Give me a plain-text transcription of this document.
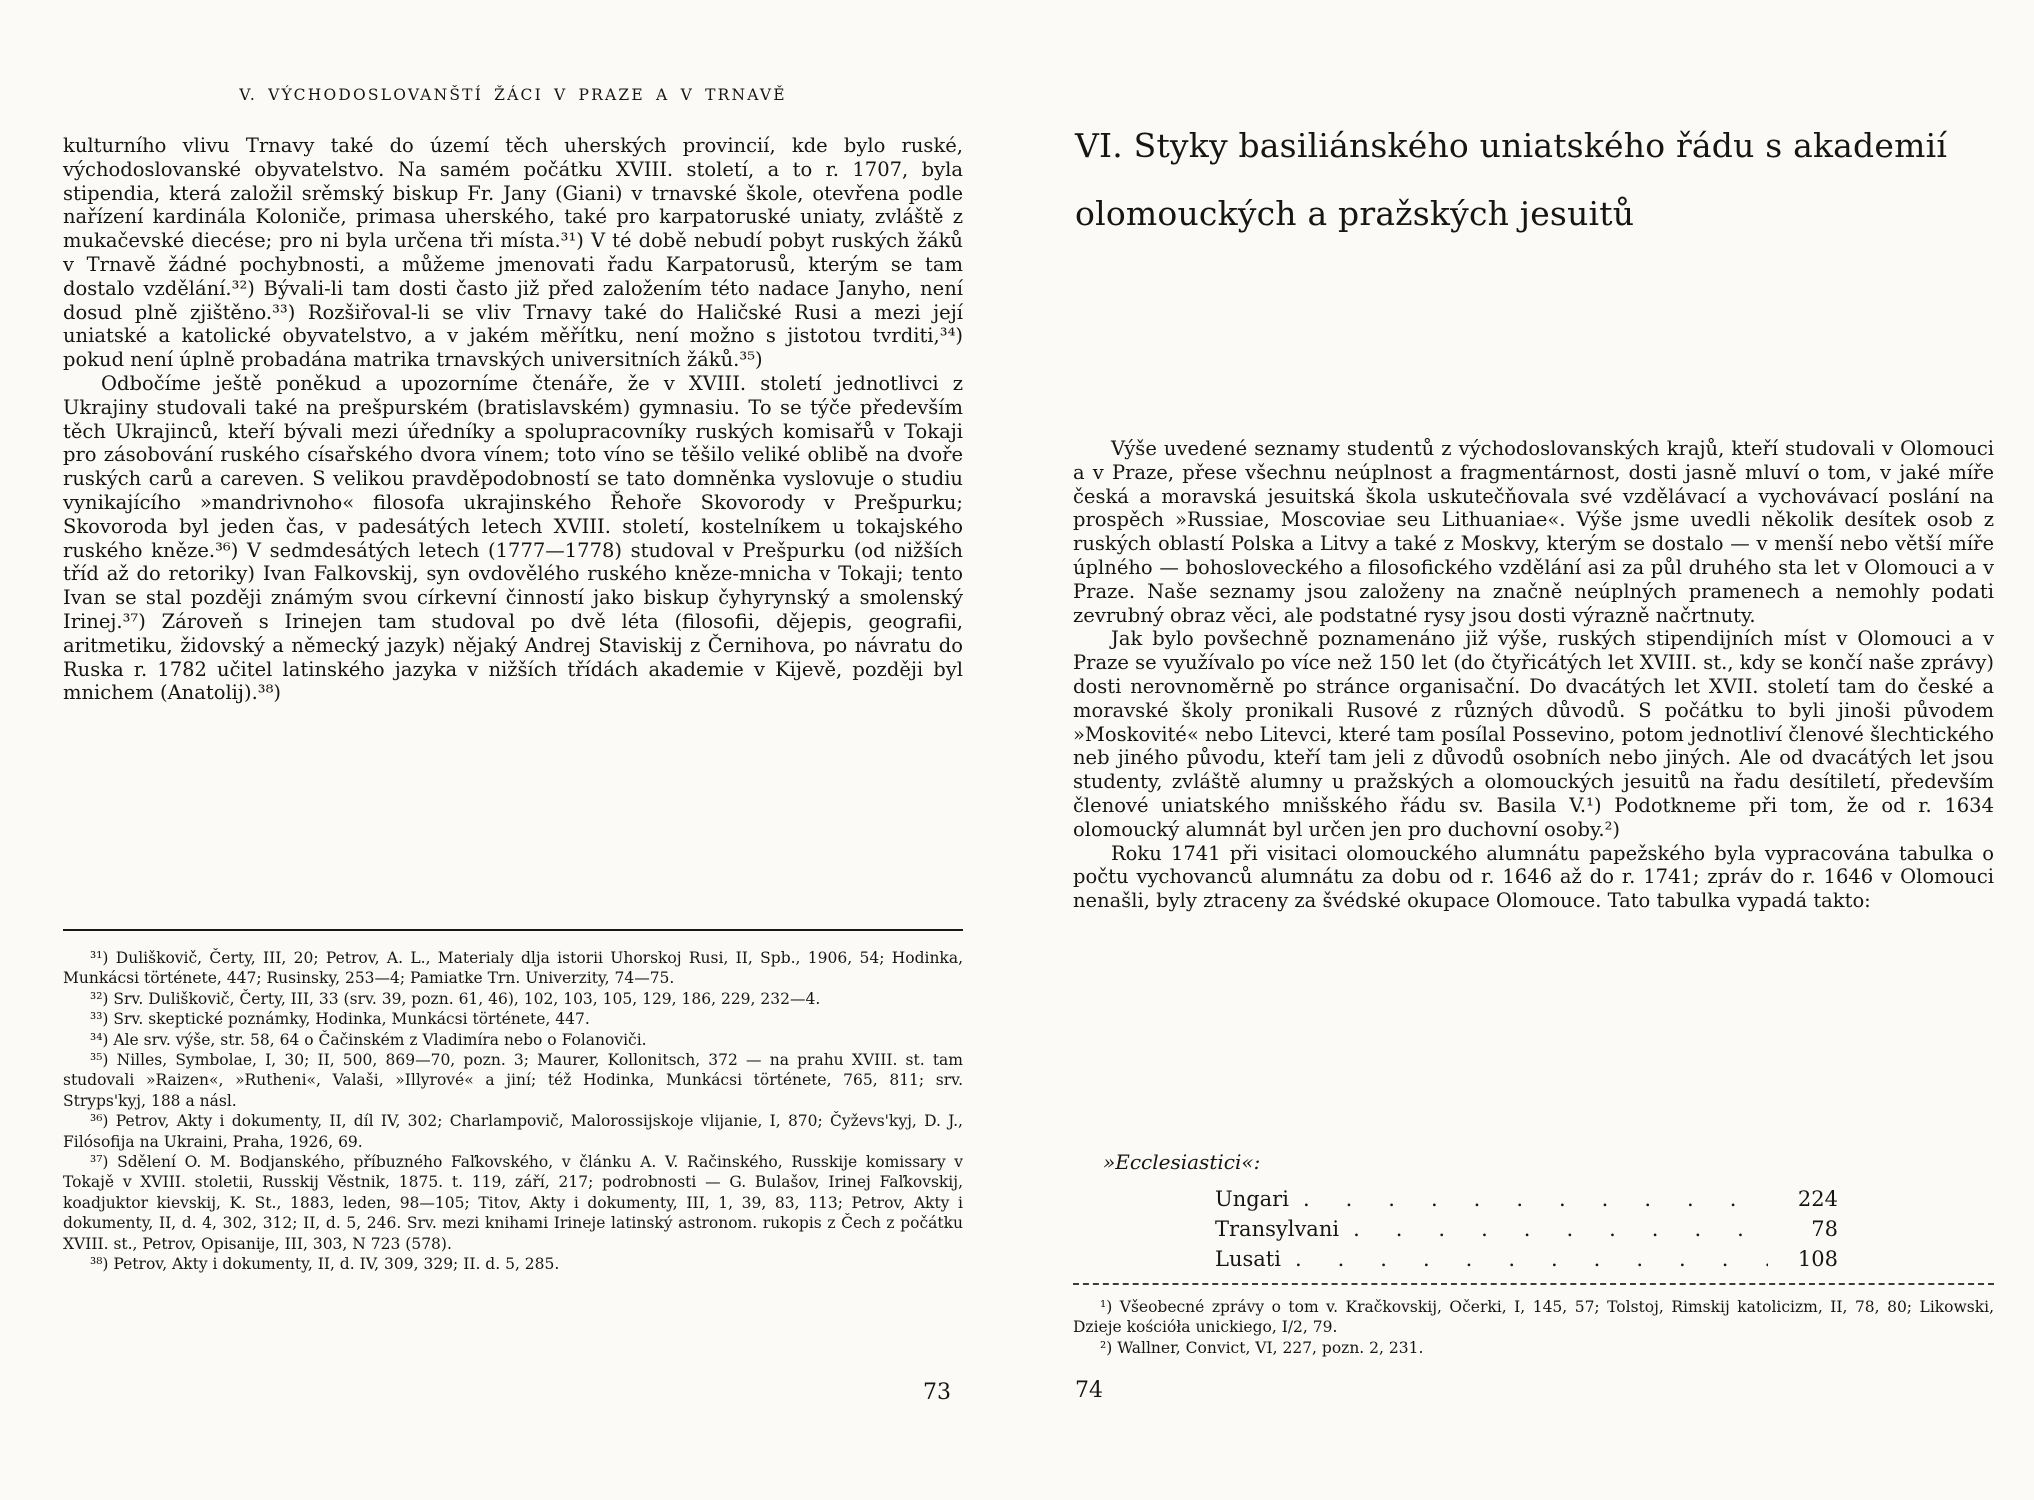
V. VÝCHODOSLOVANŠTÍ ŽÁCI V PRAZE A V TRNAVĚ

kulturního vlivu Trnavy také do území těch uherských provincií, kde bylo ruské, východoslovanské obyvatelstvo. Na samém počátku XVIII. století, a to r. 1707, byla stipendia, která založil srěmský biskup Fr. Jany (Giani) v trnavské škole, otevřena podle nařízení kardinála Koloniče, primasa uherského, také pro karpatoruské uniaty, zvláště z mukačevské diecése; pro ni byla určena tři místa.³¹) V té době nebudí pobyt ruských žáků v Trnavě žádné pochybnosti, a můžeme jmenovati řadu Karpatorusů, kterým se tam dostalo vzdělání.³²) Bývali-li tam dosti často již před založením této nadace Janyho, není dosud plně zjištěno.³³) Rozšiřoval-li se vliv Trnavy také do Haličské Rusi a mezi její uniatské a katolické obyvatelstvo, a v jakém měřítku, není možno s jistotou tvrditi,³⁴) pokud není úplně probadána matrika trnavských universitních žáků.³⁵)

Odbočíme ještě poněkud a upozorníme čtenáře, že v XVIII. století jednotlivci z Ukrajiny studovali také na prešpurském (bratislavském) gymnasiu. To se týče především těch Ukrajinců, kteří bývali mezi úředníky a spolupracovníky ruských komisařů v Tokaji pro zásobování ruského císařského dvora vínem; toto víno se těšilo veliké oblibě na dvoře ruských carů a careven. S velikou pravděpodobností se tato domněnka vyslovuje o studiu vynikajícího »mandrivnoho« filosofa ukrajinského Řehoře Skovorody v Prešpurku; Skovoroda byl jeden čas, v padesátých letech XVIII. století, kostelníkem u tokajského ruského kněze.³⁶) V sedmdesátých letech (1777—1778) studoval v Prešpurku (od nižších tříd až do retoriky) Ivan Falkovskij, syn ovdovělého ruského kněze-mnicha v Tokaji; tento Ivan se stal později známým svou církevní činností jako biskup čyhyrynský a smolenský Irinej.³⁷) Zároveň s Irinejen tam studoval po dvě léta (filosofii, dějepis, geografii, aritmetiku, židovský a německý jazyk) nějaký Andrej Staviskij z Černihova, po návratu do Ruska r. 1782 učitel latinského jazyka v nižších třídách akademie v Kijevě, později byl mnichem (Anatolij).³⁸)

³¹) Duliškovič, Čerty, III, 20; Petrov, A. L., Materialy dlja istorii Uhorskoj Rusi, II, Spb., 1906, 54; Hodinka, Munkácsi története, 447; Rusinsky, 253—4; Pamiatke Trn. Univerzity, 74—75.

³²) Srv. Duliškovič, Čerty, III, 33 (srv. 39, pozn. 61, 46), 102, 103, 105, 129, 186, 229, 232—4.

³³) Srv. skeptické poznámky, Hodinka, Munkácsi története, 447.

³⁴) Ale srv. výše, str. 58, 64 o Čačinském z Vladimíra nebo o Folanoviči.

³⁵) Nilles, Symbolae, I, 30; II, 500, 869—70, pozn. 3; Maurer, Kollonitsch, 372 — na prahu XVIII. st. tam studovali »Raizen«, »Rutheni«, Valaši, »Illyrové« a jiní; též Hodinka, Munkácsi története, 765, 811; srv. Stryps'kyj, 188 a násl.

³⁶) Petrov, Akty i dokumenty, II, díl IV, 302; Charlampovič, Malorossijskoje vlijanie, I, 870; Čyževs'kyj, D. J., Filósofija na Ukraini, Praha, 1926, 69.

³⁷) Sdělení O. M. Bodjanského, příbuzného Faľkovského, v článku A. V. Račinského, Russkije komissary v Tokajě v XVIII. stoletii, Russkij Věstnik, 1875. t. 119, září, 217; podrobnosti — G. Bulašov, Irinej Faľkovskij, koadjuktor kievskij, K. St., 1883, leden, 98—105; Titov, Akty i dokumenty, III, 1, 39, 83, 113; Petrov, Akty i dokumenty, II, d. 4, 302, 312; II, d. 5, 246. Srv. mezi knihami Irineje latinský astronom. rukopis z Čech z počátku XVIII. st., Petrov, Opisanije, III, 303, N 723 (578).

³⁸) Petrov, Akty i dokumenty, II, d. IV, 309, 329; II. d. 5, 285.

73
VI. Styky basiliánského uniatského řádu s akademií
olomouckých a pražských jesuitů

Výše uvedené seznamy studentů z východoslovanských krajů, kteří studovali v Olomouci a v Praze, přese všechnu neúplnost a fragmentárnost, dosti jasně mluví o tom, v jaké míře česká a moravská jesuitská škola uskutečňovala své vzdělávací a vychovávací poslání na prospěch »Russiae, Moscoviae seu Lithuaniae«. Výše jsme uvedli několik desítek osob z ruských oblastí Polska a Litvy a také z Moskvy, kterým se dostalo — v menší nebo větší míře úplného — bohosloveckého a filosofického vzdělání asi za půl druhého sta let v Olomouci a v Praze. Naše seznamy jsou založeny na značně neúplných pramenech a nemohly podati zevrubný obraz věci, ale podstatné rysy jsou dosti výrazně načrtnuty.

Jak bylo povšechně poznamenáno již výše, ruských stipendijních míst v Olomouci a v Praze se využívalo po více než 150 let (do čtyřicátých let XVIII. st., kdy se končí naše zprávy) dosti nerovnoměrně po stránce organisační. Do dvacátých let XVII. století tam do české a moravské školy pronikali Rusové z různých důvodů. S počátku to byli jinoši původem »Moskovité« nebo Litevci, které tam posílal Possevino, potom jednotliví členové šlechtického neb jiného původu, kteří tam jeli z důvodů osobních nebo jiných. Ale od dvacátých let jsou studenty, zvláště alumny u pražských a olomouckých jesuitů na řadu desítiletí, především členové uniatského mnišského řádu sv. Basila V.¹) Podotkneme při tom, že od r. 1634 olomoucký alumnát byl určen jen pro duchovní osoby.²)

Roku 1741 při visitaci olomouckého alumnátu papežského byla vypracována tabulka o počtu vychovanců alumnátu za dobu od r. 1646 až do r. 1741; zpráv do r. 1646 v Olomouci nenašli, byly ztraceny za švédské okupace Olomouce. Tato tabulka vypadá takto:

»Ecclesiastici«:
Ungari .....	224
Transylvani .....	78
Lusati .....	108

¹) Všeobecné zprávy o tom v. Kračkovskij, Očerki, I, 145, 57; Tolstoj, Rimskij katolicizm, II, 78, 80; Likowski, Dzieje kościóła unickiego, I/2, 79.

²) Wallner, Convict, VI, 227, pozn. 2, 231.

74
